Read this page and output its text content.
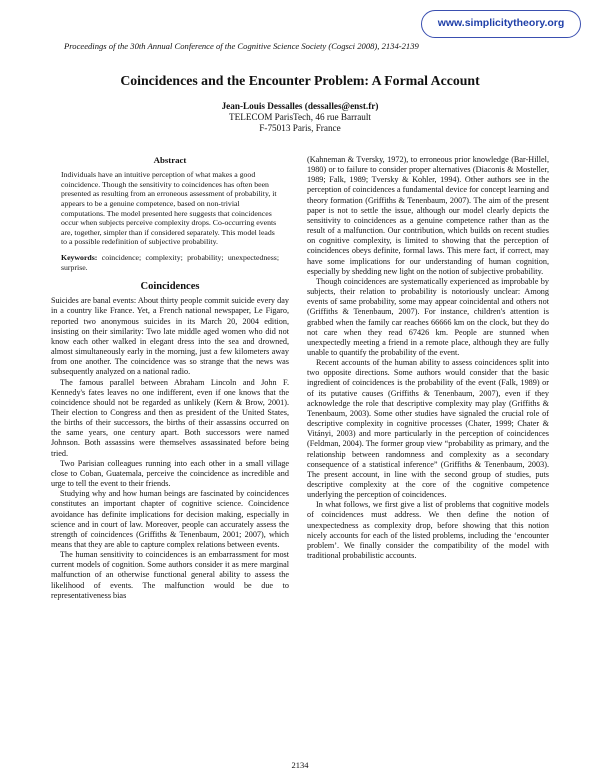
www.simplicitytheory.org
Proceedings of the 30th Annual Conference of the Cognitive Science Society (Cogsci 2008), 2134-2139
Coincidences and the Encounter Problem: A Formal Account
Jean-Louis Dessalles (dessalles@enst.fr)
TELECOM ParisTech, 46 rue Barrault
F-75013 Paris, France
Abstract
Individuals have an intuitive perception of what makes a good coincidence. Though the sensitivity to coincidences has often been presented as resulting from an erroneous assessment of probability, it appears to be a genuine competence, based on non-trivial computations. The model presented here suggests that coincidences occur when subjects perceive complexity drops. Co-occurring events are, together, simpler than if considered separately. This model leads to a possible redefinition of subjective probability.
Keywords: coincidence; complexity; probability; unexpectedness; surprise.
Coincidences

Suicides are banal events: About thirty people commit suicide every day in a country like France. Yet, a French national newspaper, Le Figaro, reported two anonymous suicides in its March 20, 2004 edition, insisting on their similarity: Two late middle aged women who did not know each other walked in elegant dress into the sea and drowned, almost simultaneously early in the morning, just a few kilometers away from one another. The coincidence was so strange that the news was subsequently analyzed on a national radio.

The famous parallel between Abraham Lincoln and John F. Kennedy's fates leaves no one indifferent, even if one knows that the coincidence should not be regarded as unlikely (Kern & Brow, 2001). Their election to Congress and then as president of the United States, the births of their successors, the births of their assassins occurred on the same years, one century apart. Both successors were named Johnson. Both assassins were themselves assassinated before being tried.

Two Parisian colleagues running into each other in a small village close to Coban, Guatemala, perceive the coincidence as incredible and urge to tell the event to their friends.

Studying why and how human beings are fascinated by coincidences constitutes an important chapter of cognitive science. Coincidence avoidance has definite implications for decision making, especially in science and in court of law. Moreover, people can accurately assess the strength of coincidences (Griffiths & Tenenbaum, 2001; 2007), which means that they are able to capture complex relations between events.

The human sensitivity to coincidences is an embarrassment for most current models of cognition. Some authors consider it as mere marginal malfunction of an otherwise functional general ability to assess the likelihood of events. The malfunction would be due to representativeness bias

(Kahneman & Tversky, 1972), to erroneous prior knowledge (Bar-Hillel, 1980) or to failure to consider proper alternatives (Diaconis & Mosteller, 1989; Falk, 1989; Tversky & Kohler, 1994). Other authors see in the perception of coincidences a fundamental device for concept learning and theory formation (Griffiths & Tenenbaum, 2007). The aim of the present paper is not to settle the issue, although our model clearly depicts the sensitivity to coincidences as a genuine competence rather than as the result of a malfunction. Our contribution, which builds on recent studies on cognitive complexity, is limited to showing that the perception of coincidences obeys definite, formal laws. This mere fact, if correct, may have some implications for our understanding of human cognition, especially by shedding new light on the notion of subjective probability.

Though coincidences are systematically experienced as improbable by subjects, their relation to probability is notoriously unclear: Among events of same probability, some may appear coincidental and others not (Griffiths & Tenenbaum, 2007). For instance, children's attention is grabbed when the family car reaches 66666 km on the clock, but they do not care when they read 67426 km. People are stunned when unexpectedly meeting a friend in a remote place, although they are fully unable to quantify the probability of the event.

Recent accounts of the human ability to assess coincidences split into two opposite directions. Some authors would consider that the basic ingredient of coincidences is the probability of the event (Falk, 1989) or of its putative causes (Griffiths & Tenenbaum, 2007), even if they acknowledge the role that descriptive complexity may play (Griffiths & Tenenbaum, 2003). Some other studies have signaled the crucial role of descriptive complexity in cognitive processes (Chater, 1999; Chater & Vitányi, 2003) and more particularly in the perception of coincidences (Feldman, 2004). The former group view “probability as primary, and the relationship between randomness and complexity as a secondary consequence of a statistical inference” (Griffiths & Tenenbaum, 2003). The present account, in line with the second group of studies, puts descriptive complexity at the core of the cognitive competence underlying the perception of coincidences.

In what follows, we first give a list of problems that cognitive models of coincidences must address. We then define the notion of unexpectedness as complexity drop, before showing that this notion nicely accounts for each of the listed problems, including the ‘encounter problem’. We finally consider the compatibility of the model with traditional probabilistic accounts.

2134
